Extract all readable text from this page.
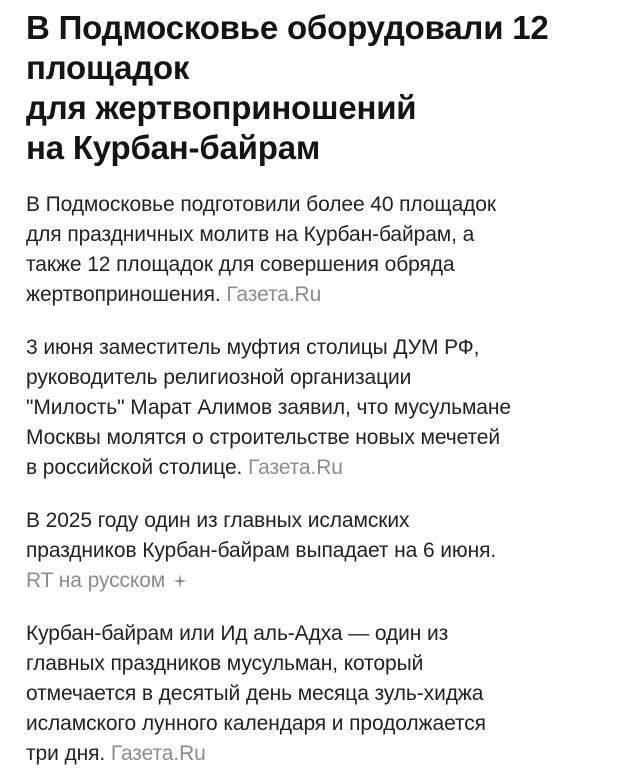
В Подмосковье оборудовали 12
площадок
для жертвоприношений
на Курбан-байрам

В Подмосковье подготовили более 40 площадок
для праздничных молитв на Курбан-байрам, а
также 12 площадок для совершения обряда
жертвоприношения. Газета.Ru

3 июня заместитель муфтия столицы ДУМ РФ,
руководитель религиозной организации
"Милость" Марат Алимов заявил, что мусульмане
Москвы молятся о строительстве новых мечетей
в российской столице. Газета.Ru

В 2025 году один из главных исламских
праздников Курбан-байрам выпадает на 6 июня.
RT на русском

Курбан-байрам или Ид аль-Адха — один из
главных праздников мусульман, который
отмечается в десятый день месяца зуль-хиджа
исламского лунного календаря и продолжается
три дня. Газета.Ru
